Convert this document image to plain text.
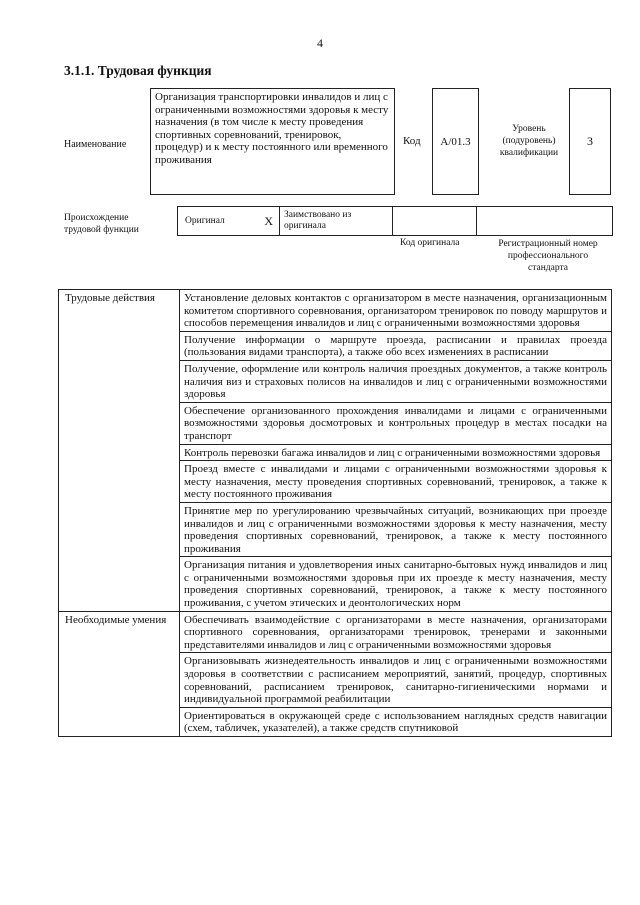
4
3.1.1. Трудовая функция
Наименование
Организация транспортировки инвалидов и лиц с ограниченными возможностями здоровья к месту назначения (в том числе к месту проведения спортивных соревнований, тренировок, процедур) и к месту постоянного или временного проживания
Код	А/01.3
Уровень (подуровень) квалификации
3
Происхождение трудовой функции
Оригинал	X	Заимствовано из оригинала
Код оригинала	Регистрационный номер профессионального стандарта
Трудовые действия	Установление деловых контактов с организатором в месте назначения, организационным комитетом спортивного соревнования, организатором тренировок по поводу маршрутов и способов перемещения инвалидов и лиц с ограниченными возможностями здоровья
	Получение информации о маршруте проезда, расписании и правилах проезда (пользования видами транспорта), а также обо всех изменениях в расписании
	Получение, оформление или контроль наличия проездных документов, а также контроль наличия виз и страховых полисов на инвалидов и лиц с ограниченными возможностями здоровья
	Обеспечение организованного прохождения инвалидами и лицами с ограниченными возможностями здоровья досмотровых и контрольных процедур в местах посадки на транспорт
	Контроль перевозки багажа инвалидов и лиц с ограниченными возможностями здоровья
	Проезд вместе с инвалидами и лицами с ограниченными возможностями здоровья к месту назначения, месту проведения спортивных соревнований, тренировок, а также к месту постоянного проживания
	Принятие мер по урегулированию чрезвычайных ситуаций, возникающих при проезде инвалидов и лиц с ограниченными возможностями здоровья к месту назначения, месту проведения спортивных соревнований, тренировок, а также к месту постоянного проживания
	Организация питания и удовлетворения иных санитарно-бытовых нужд инвалидов и лиц с ограниченными возможностями здоровья при их проезде к месту назначения, месту проведения спортивных соревнований, тренировок, а также к месту постоянного проживания, с учетом этических и деонтологических норм
Необходимые умения	Обеспечивать взаимодействие с организаторами в месте назначения, организаторами спортивного соревнования, организаторами тренировок, тренерами и законными представителями инвалидов и лиц с ограниченными возможностями здоровья
	Организовывать жизнедеятельность инвалидов и лиц с ограниченными возможностями здоровья в соответствии с расписанием мероприятий, занятий, процедур, спортивных соревнований, расписанием тренировок, санитарно-гигиеническими нормами и индивидуальной программой реабилитации
	Ориентироваться в окружающей среде с использованием наглядных средств навигации (схем, табличек, указателей), а также средств спутниковой
